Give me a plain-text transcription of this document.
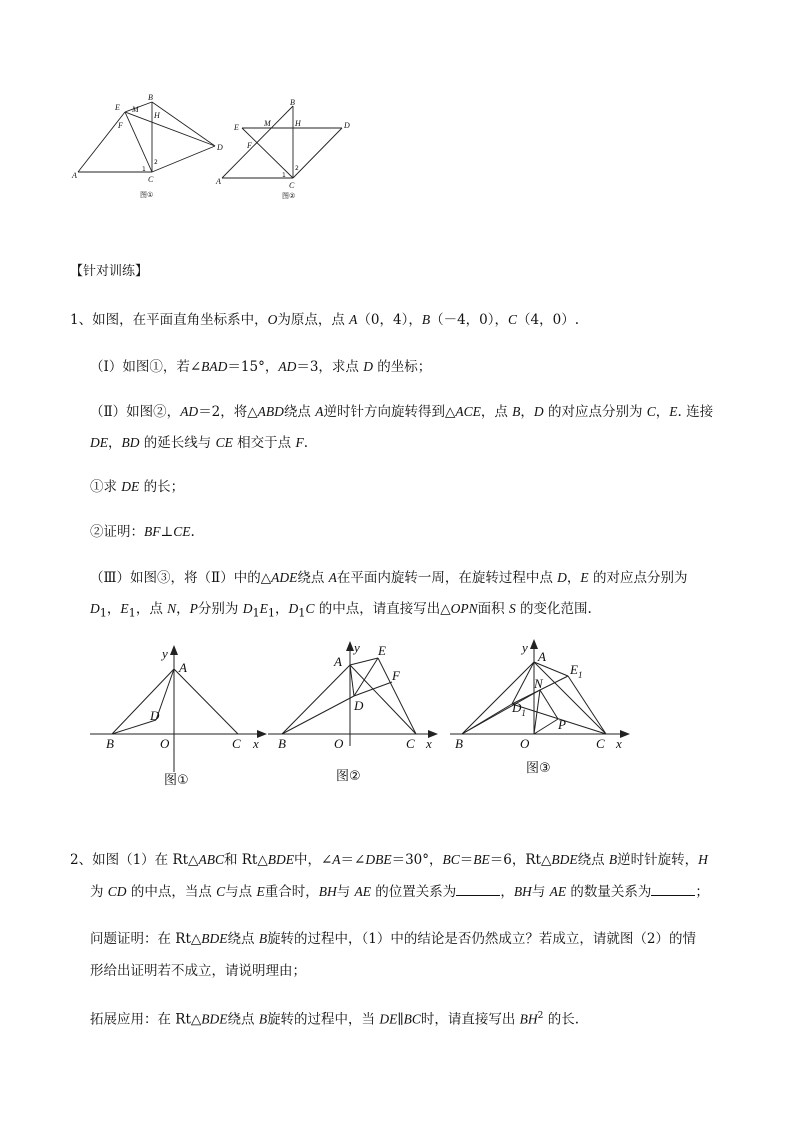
A
B
C
D
E
F
M
H
1
2
图①
A
B
C
D
E
F
M	H
1
2
图②
【针对训练】
1、如图，在平面直角坐标系中，O为原点，点 A（0，4），B（－4，0），C（4，0）.
（Ⅰ）如图①，若∠BAD＝15°，AD＝3，求点 D 的坐标；
（Ⅱ）如图②，AD＝2，将△ABD绕点 A逆时针方向旋转得到△ACE，点 B，D 的对应点分别为 C，E. 连接
DE，BD 的延长线与 CE 相交于点 F.
①求 DE 的长；
②证明：BF⊥CE.
（Ⅲ）如图③，将（Ⅱ）中的△ADE绕点 A在平面内旋转一周，在旋转过程中点 D，E 的对应点分别为
$D_1$，$E_1$，点 N，P分别为 $D_1E_1$，$D_1C$ 的中点，请直接写出△OPN面积 S 的变化范围.
y
x
A
B	O	C
D
图①
y
x
A
B	O	C
D
E
F
图②
y
x
A
B	O	C
$D_1$
$E_1$
N
P
图③
2、如图（1）在 Rt△ABC和 Rt△BDE中，∠A＝∠DBE＝30°，BC＝BE＝6，Rt△BDE绕点 B逆时针旋转，H
为 CD 的中点，当点 C与点 E重合时，BH与 AE 的位置关系为	，BH与 AE 的数量关系为	；
问题证明：在 Rt△BDE绕点 B旋转的过程中，（1）中的结论是否仍然成立？若成立，请就图（2）的情
形给出证明若不成立，请说明理由；
拓展应用：在 Rt△BDE绕点 B旋转的过程中，当 DE∥BC时，请直接写出 $BH^2$ 的长.
